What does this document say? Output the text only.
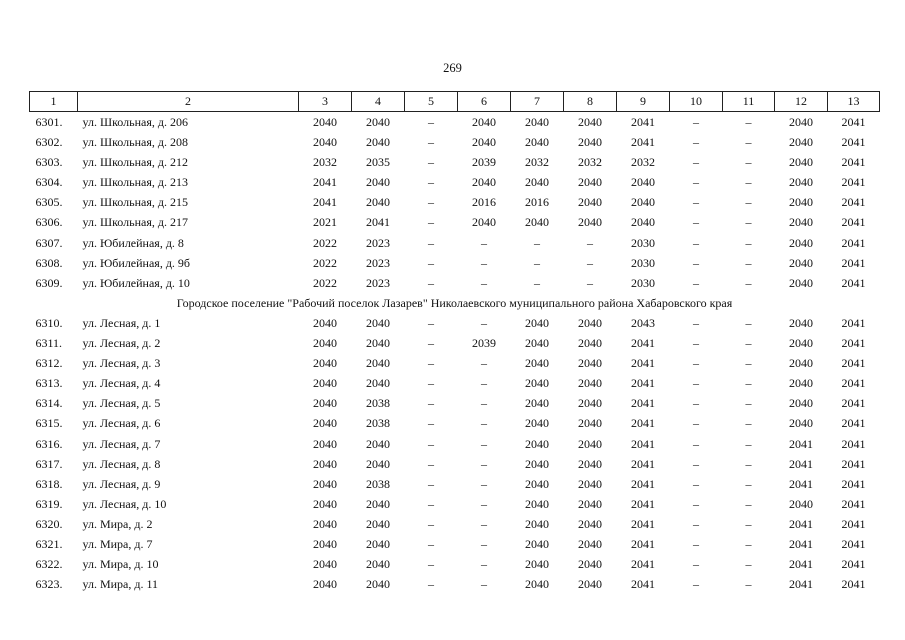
269
1	2	3	4	5	6	7	8	9	10	11	12	13
6301.	ул. Школьная, д. 206	2040	2040	–	2040	2040	2040	2041	–	–	2040	2041
6302.	ул. Школьная, д. 208	2040	2040	–	2040	2040	2040	2041	–	–	2040	2041
6303.	ул. Школьная, д. 212	2032	2035	–	2039	2032	2032	2032	–	–	2040	2041
6304.	ул. Школьная, д. 213	2041	2040	–	2040	2040	2040	2040	–	–	2040	2041
6305.	ул. Школьная, д. 215	2041	2040	–	2016	2016	2040	2040	–	–	2040	2041
6306.	ул. Школьная, д. 217	2021	2041	–	2040	2040	2040	2040	–	–	2040	2041
6307.	ул. Юбилейная, д. 8	2022	2023	–	–	–	–	2030	–	–	2040	2041
6308.	ул. Юбилейная, д. 9б	2022	2023	–	–	–	–	2030	–	–	2040	2041
6309.	ул. Юбилейная, д. 10	2022	2023	–	–	–	–	2030	–	–	2040	2041
Городское поселение "Рабочий поселок Лазарев" Николаевского муниципального района Хабаровского края												
6310.	ул. Лесная, д. 1	2040	2040	–	–	2040	2040	2043	–	–	2040	2041
6311.	ул. Лесная, д. 2	2040	2040	–	2039	2040	2040	2041	–	–	2040	2041
6312.	ул. Лесная, д. 3	2040	2040	–	–	2040	2040	2041	–	–	2040	2041
6313.	ул. Лесная, д. 4	2040	2040	–	–	2040	2040	2041	–	–	2040	2041
6314.	ул. Лесная, д. 5	2040	2038	–	–	2040	2040	2041	–	–	2040	2041
6315.	ул. Лесная, д. 6	2040	2038	–	–	2040	2040	2041	–	–	2040	2041
6316.	ул. Лесная, д. 7	2040	2040	–	–	2040	2040	2041	–	–	2041	2041
6317.	ул. Лесная, д. 8	2040	2040	–	–	2040	2040	2041	–	–	2041	2041
6318.	ул. Лесная, д. 9	2040	2038	–	–	2040	2040	2041	–	–	2041	2041
6319.	ул. Лесная, д. 10	2040	2040	–	–	2040	2040	2041	–	–	2040	2041
6320.	ул. Мира, д. 2	2040	2040	–	–	2040	2040	2041	–	–	2041	2041
6321.	ул. Мира, д. 7	2040	2040	–	–	2040	2040	2041	–	–	2041	2041
6322.	ул. Мира, д. 10	2040	2040	–	–	2040	2040	2041	–	–	2041	2041
6323.	ул. Мира, д. 11	2040	2040	–	–	2040	2040	2041	–	–	2041	2041
